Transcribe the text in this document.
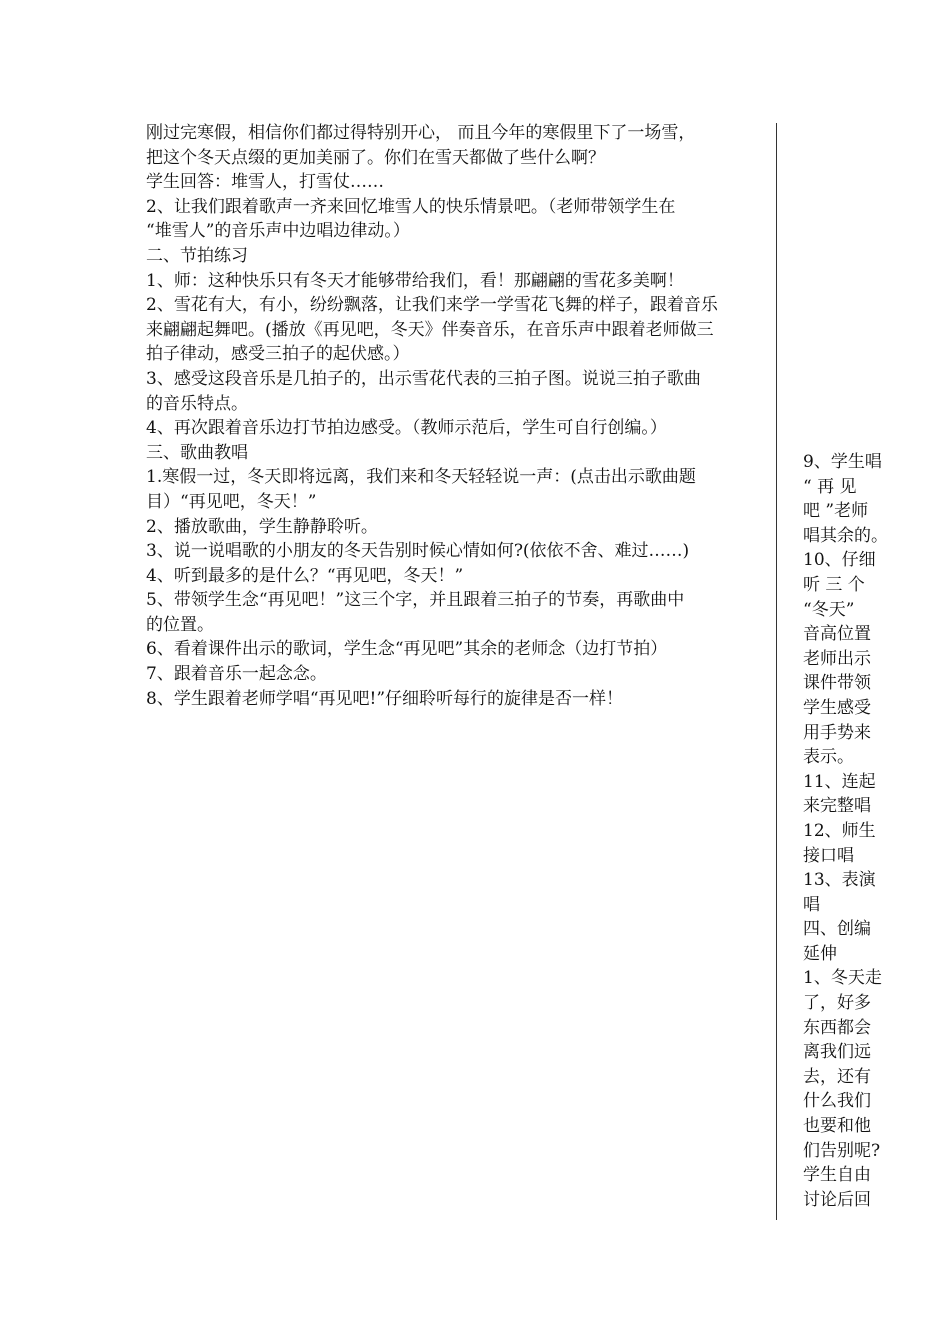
刚过完寒假，相信你们都过得特别开心， 而且今年的寒假里下了一场雪，

把这个冬天点缀的更加美丽了。你们在雪天都做了些什么啊？

学生回答：堆雪人，打雪仗……

2、让我们跟着歌声一齐来回忆堆雪人的快乐情景吧。（老师带领学生在

“堆雪人”的音乐声中边唱边律动。）

二、节拍练习

1、师：这种快乐只有冬天才能够带给我们，看！那翩翩的雪花多美啊！

2、雪花有大，有小，纷纷飘落，让我们来学一学雪花飞舞的样子，跟着音乐

来翩翩起舞吧。(播放《再见吧，冬天》伴奏音乐，在音乐声中跟着老师做三

拍子律动，感受三拍子的起伏感。）

3、感受这段音乐是几拍子的，出示雪花代表的三拍子图。说说三拍子歌曲

的音乐特点。

4、再次跟着音乐边打节拍边感受。（教师示范后，学生可自行创编。）

三、歌曲教唱

1.寒假一过，冬天即将远离，我们来和冬天轻轻说一声：(点击出示歌曲题

目）“再见吧，冬天！”

2、播放歌曲，学生静静聆听。

3、说一说唱歌的小朋友的冬天告别时候心情如何?(依依不舍、难过……)

4、听到最多的是什么？“再见吧，冬天！”

5、带领学生念“再见吧！”这三个字，并且跟着三拍子的节奏，再歌曲中

的位置。

6、看着课件出示的歌词，学生念“再见吧”其余的老师念（边打节拍）

7、跟着音乐一起念念。

8、学生跟着老师学唱“再见吧!”仔细聆听每行的旋律是否一样！

9、学生唱

“ 再 见

吧 ”老师

唱其余的。

10、仔细

听 三 个

“冬天”

音高位置

老师出示

课件带领

学生感受

用手势来

表示。

11、连起

来完整唱

12、师生

接口唱

13、表演

唱

四、创编

延伸

1、冬天走

了，好多

东西都会

离我们远

去，还有

什么我们

也要和他

们告别呢?

学生自由

讨论后回
